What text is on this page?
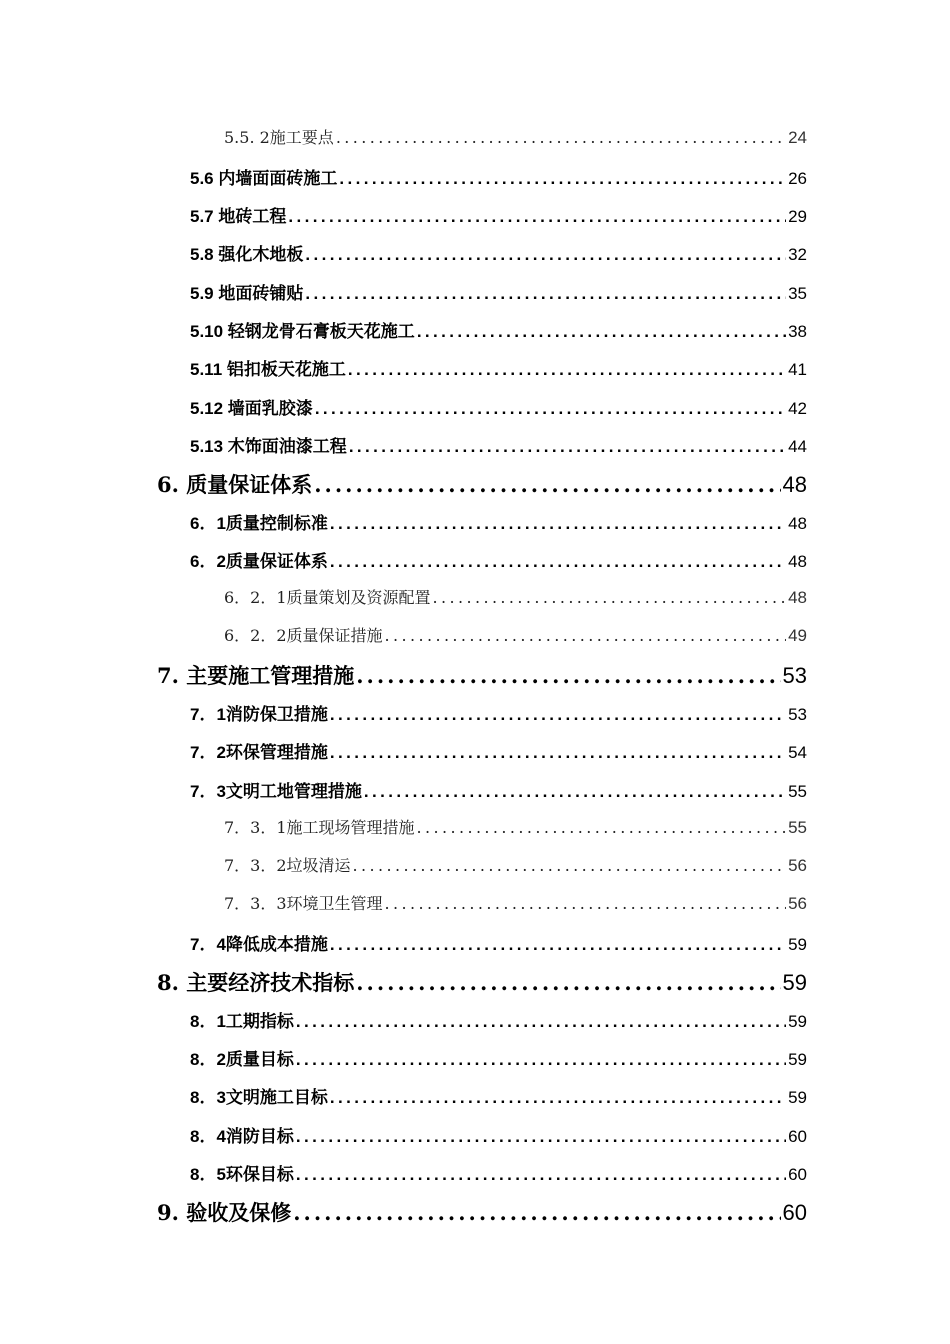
5.5. 2施工要点 .....	24
5.6 内墙面面砖施工 .....	26
5.7 地砖工程 .....	29
5.8 强化木地板 .....	32
5.9 地面砖铺贴 .....	35
5.10 轻钢龙骨石膏板天花施工 .....	38
5.11 铝扣板天花施工 .....	41
5.12 墙面乳胶漆 .....	42
5.13 木饰面油漆工程 .....	44
6. 质量保证体系 .....	48
6．1质量控制标准 .....	48
6．2质量保证体系 .....	48
6．2．1质量策划及资源配置 .....	48
6．2．2质量保证措施 .....	49
7. 主要施工管理措施 .....	53
7．1消防保卫措施 .....	53
7．2环保管理措施 .....	54
7．3文明工地管理措施 .....	55
7．3．1施工现场管理措施 .....	55
7．3．2垃圾清运 .....	56
7．3．3环境卫生管理 .....	56
7．4降低成本措施 .....	59
8. 主要经济技术指标 .....	59
8．1工期指标 .....	59
8．2质量目标 .....	59
8．3文明施工目标 .....	59
8．4消防目标 .....	60
8．5环保目标 .....	60
9. 验收及保修 .....	60
